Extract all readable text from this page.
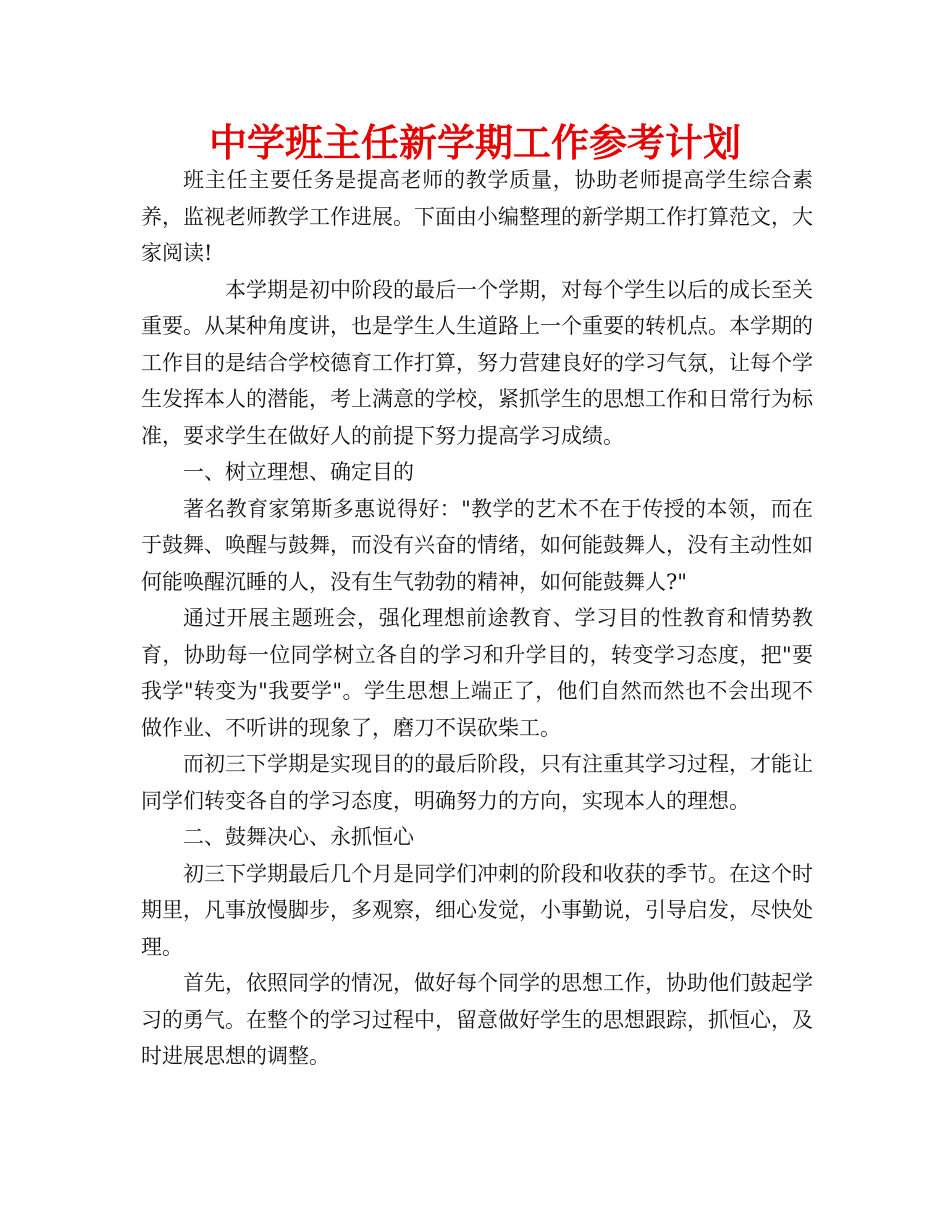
中学班主任新学期工作参考计划

班主任主要任务是提高老师的教学质量，协助老师提高学生综合素养，监视老师教学工作进展。下面由小编整理的新学期工作打算范文，大家阅读!

本学期是初中阶段的最后一个学期，对每个学生以后的成长至关重要。从某种角度讲，也是学生人生道路上一个重要的转机点。本学期的工作目的是结合学校德育工作打算，努力营建良好的学习气氛，让每个学生发挥本人的潜能，考上满意的学校，紧抓学生的思想工作和日常行为标准，要求学生在做好人的前提下努力提高学习成绩。

一、树立理想、确定目的

著名教育家第斯多惠说得好："教学的艺术不在于传授的本领，而在于鼓舞、唤醒与鼓舞，而没有兴奋的情绪，如何能鼓舞人，没有主动性如何能唤醒沉睡的人，没有生气勃勃的精神，如何能鼓舞人?"

通过开展主题班会，强化理想前途教育、学习目的性教育和情势教育，协助每一位同学树立各自的学习和升学目的，转变学习态度，把"要我学"转变为"我要学"。学生思想上端正了，他们自然而然也不会出现不做作业、不听讲的现象了，磨刀不误砍柴工。

而初三下学期是实现目的的最后阶段，只有注重其学习过程，才能让同学们转变各自的学习态度，明确努力的方向，实现本人的理想。

二、鼓舞决心、永抓恒心

初三下学期最后几个月是同学们冲刺的阶段和收获的季节。在这个时期里，凡事放慢脚步，多观察，细心发觉，小事勤说，引导启发，尽快处理。

首先，依照同学的情况，做好每个同学的思想工作，协助他们鼓起学习的勇气。在整个的学习过程中，留意做好学生的思想跟踪，抓恒心，及时进展思想的调整。
